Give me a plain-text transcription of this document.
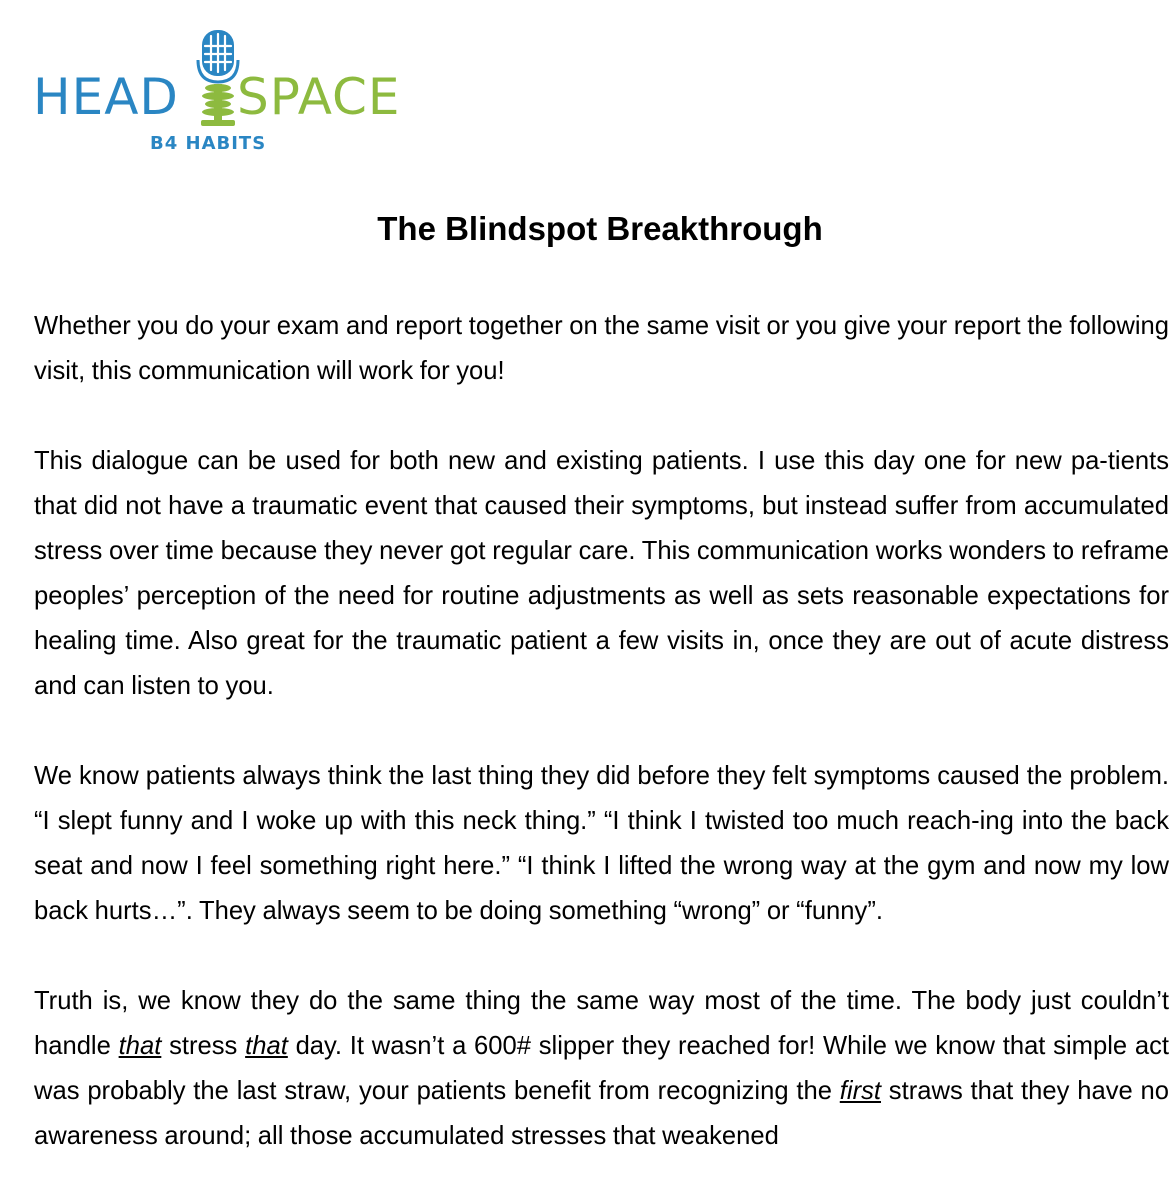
HEAD SPACE
B4 HABITS
The Blindspot Breakthrough

Whether you do your exam and report together on the same visit or you give your report the following visit, this communication will work for you!

This dialogue can be used for both new and existing patients. I use this day one for new pa-tients that did not have a traumatic event that caused their symptoms, but instead suffer from accumulated stress over time because they never got regular care. This communication works wonders to reframe peoples’ perception of the need for routine adjustments as well as sets reasonable expectations for healing time. Also great for the traumatic patient a few visits in, once they are out of acute distress and can listen to you.

We know patients always think the last thing they did before they felt symptoms caused the problem. “I slept funny and I woke up with this neck thing.” “I think I twisted too much reach-ing into the back seat and now I feel something right here.” “I think I lifted the wrong way at the gym and now my low back hurts…”. They always seem to be doing something “wrong” or “funny”.

Truth is, we know they do the same thing the same way most of the time. The body just couldn’t handle that stress that day. It wasn’t a 600# slipper they reached for! While we know that simple act was probably the last straw, your patients benefit from recognizing the first straws that they have no awareness around; all those accumulated stresses that weakened
